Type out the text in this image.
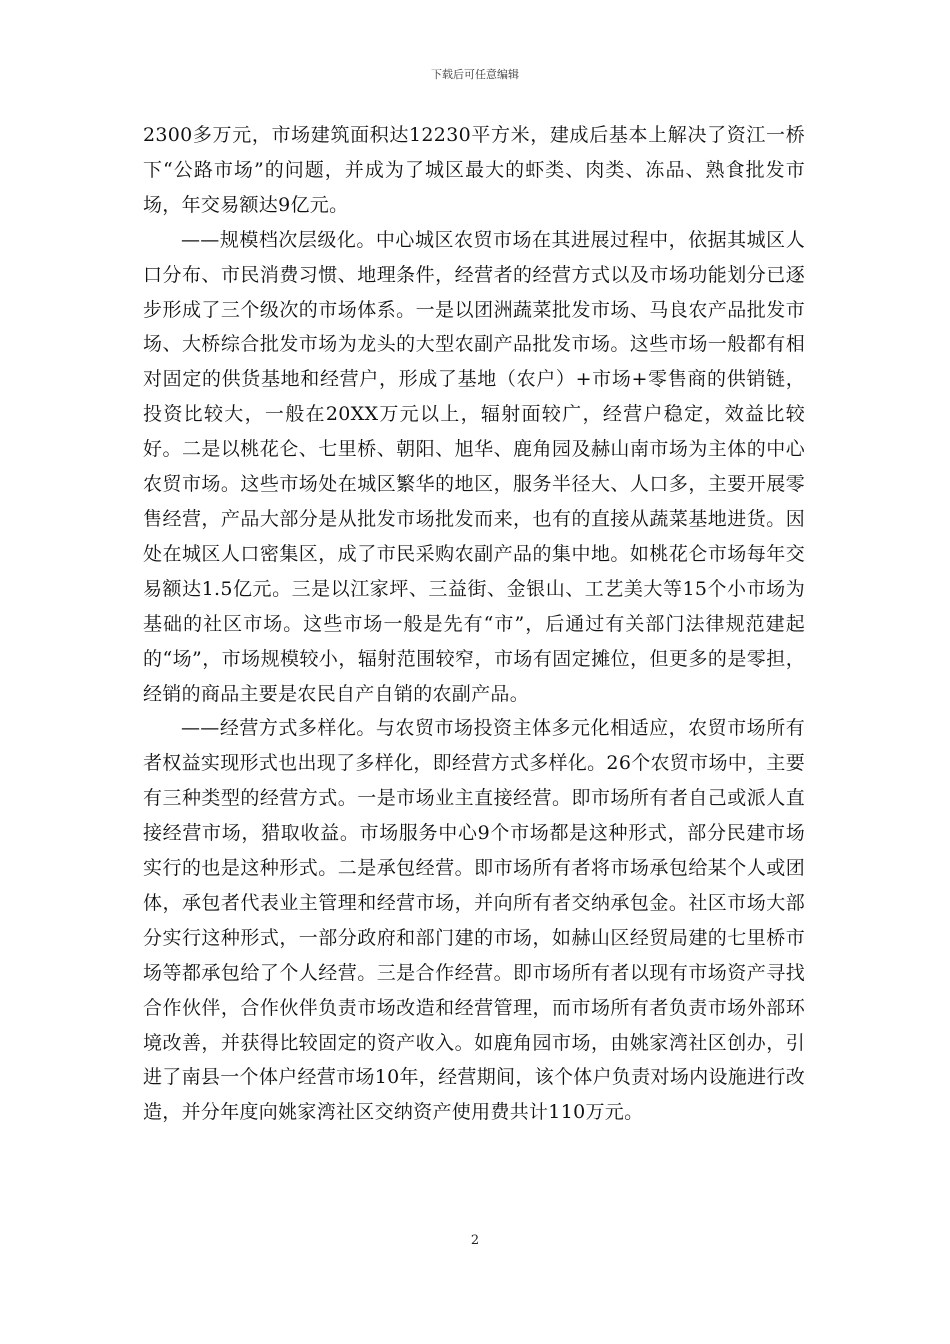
下载后可任意编辑

2300多万元，市场建筑面积达12230平方米，建成后基本上解决了资江一桥下“公路市场”的问题，并成为了城区最大的虾类、肉类、冻品、熟食批发市场，年交易额达9亿元。

——规模档次层级化。中心城区农贸市场在其进展过程中，依据其城区人口分布、市民消费习惯、地理条件，经营者的经营方式以及市场功能划分已逐步形成了三个级次的市场体系。一是以团洲蔬菜批发市场、马良农产品批发市场、大桥综合批发市场为龙头的大型农副产品批发市场。这些市场一般都有相对固定的供货基地和经营户，形成了基地（农户）+市场+零售商的供销链，投资比较大，一般在20XX万元以上，辐射面较广，经营户稳定，效益比较好。二是以桃花仑、七里桥、朝阳、旭华、鹿角园及赫山南市场为主体的中心农贸市场。这些市场处在城区繁华的地区，服务半径大、人口多，主要开展零售经营，产品大部分是从批发市场批发而来，也有的直接从蔬菜基地进货。因处在城区人口密集区，成了市民采购农副产品的集中地。如桃花仑市场每年交易额达1.5亿元。三是以江家坪、三益街、金银山、工艺美大等15个小市场为基础的社区市场。这些市场一般是先有“市”，后通过有关部门法律规范建起的“场”，市场规模较小，辐射范围较窄，市场有固定摊位，但更多的是零担，经销的商品主要是农民自产自销的农副产品。

——经营方式多样化。与农贸市场投资主体多元化相适应，农贸市场所有者权益实现形式也出现了多样化，即经营方式多样化。26个农贸市场中，主要有三种类型的经营方式。一是市场业主直接经营。即市场所有者自己或派人直接经营市场，猎取收益。市场服务中心9个市场都是这种形式，部分民建市场实行的也是这种形式。二是承包经营。即市场所有者将市场承包给某个人或团体，承包者代表业主管理和经营市场，并向所有者交纳承包金。社区市场大部分实行这种形式，一部分政府和部门建的市场，如赫山区经贸局建的七里桥市场等都承包给了个人经营。三是合作经营。即市场所有者以现有市场资产寻找合作伙伴，合作伙伴负责市场改造和经营管理，而市场所有者负责市场外部环境改善，并获得比较固定的资产收入。如鹿角园市场，由姚家湾社区创办，引进了南县一个体户经营市场10年，经营期间，该个体户负责对场内设施进行改造，并分年度向姚家湾社区交纳资产使用费共计110万元。

2
